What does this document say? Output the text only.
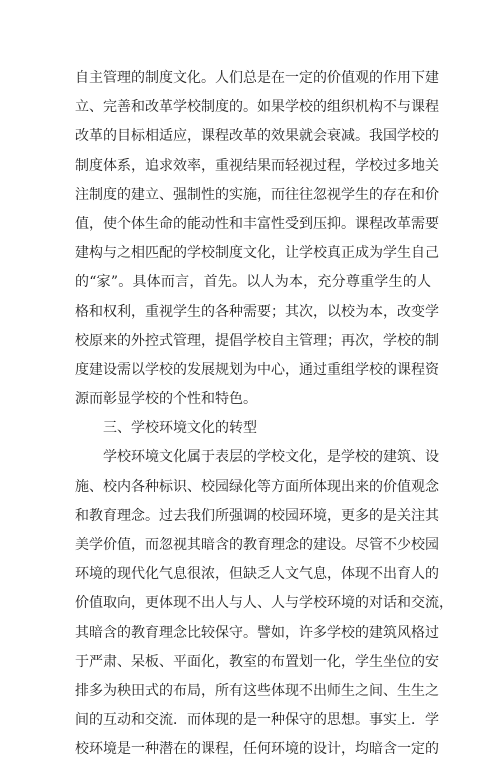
自主管理的制度文化。人们总是在一定的价值观的作用下建
立、完善和改革学校制度的。如果学校的组织机构不与课程
改革的目标相适应，课程改革的效果就会衰减。我国学校的
制度体系，追求效率，重视结果而轻视过程，学校过多地关
注制度的建立、强制性的实施，而往往忽视学生的存在和价
值，使个体生命的能动性和丰富性受到压抑。课程改革需要
建构与之相匹配的学校制度文化，让学校真正成为学生自己
的“家”。具体而言，首先。以人为本，充分尊重学生的人
格和权利，重视学生的各种需要；其次，以校为本，改变学
校原来的外控式管理，提倡学校自主管理；再次，学校的制
度建设需以学校的发展规划为中心，通过重组学校的课程资
源而彰显学校的个性和特色。
三、学校环境文化的转型
学校环境文化属于表层的学校文化，是学校的建筑、设
施、校内各种标识、校园绿化等方面所体现出来的价值观念
和教育理念。过去我们所强调的校园环境，更多的是关注其
美学价值，而忽视其暗含的教育理念的建设。尽管不少校园
环境的现代化气息很浓，但缺乏人文气息，体现不出育人的
价值取向，更体现不出人与人、人与学校环境的对话和交流，
其暗含的教育理念比较保守。譬如，许多学校的建筑风格过
于严肃、呆板、平面化，教室的布置划一化，学生坐位的安
排多为秧田式的布局，所有这些体现不出师生之间、生生之
间的互动和交流．而体现的是一种保守的思想。事实上．学
校环境是一种潜在的课程，任何环境的设计，均暗含一定的
